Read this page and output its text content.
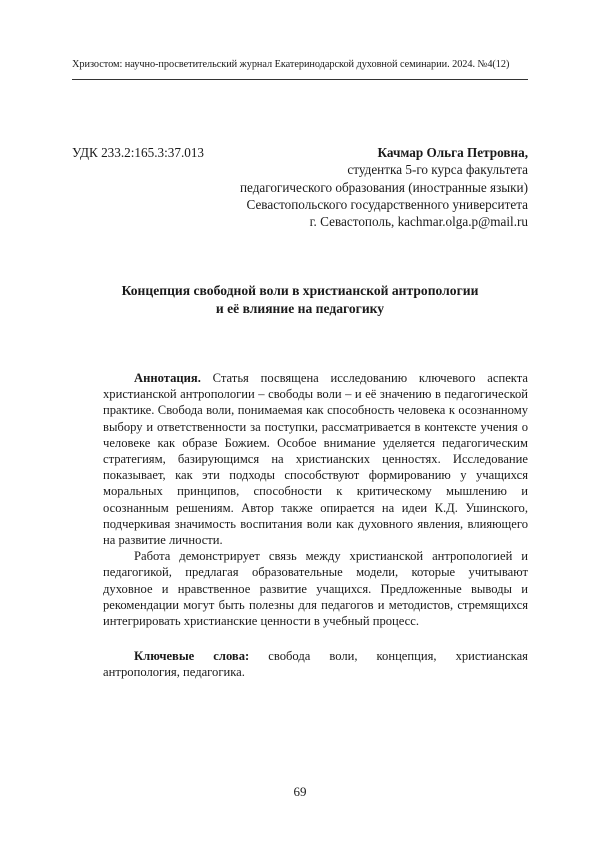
Хризостом: научно-просветительский журнал Екатеринодарской духовной семинарии. 2024. №4(12)
УДК 233.2:165.3:37.013	Качмар Ольга Петровна,
студентка 5-го курса факультета
педагогического образования (иностранные языки)
Севастопольского государственного университета
г. Севастополь, kachmar.olga.p@mail.ru
Концепция свободной воли в христианской антропологии
и её влияние на педагогику

Аннотация. Статья посвящена исследованию ключевого аспекта христианской антропологии – свободы воли – и её значению в педагогической практике. Свобода воли, понимаемая как способность человека к осознанному выбору и ответственности за поступки, рассматривается в контексте учения о человеке как образе Божием. Особое внимание уделяется педагогическим стратегиям, базирующимся на христианских ценностях. Исследование показывает, как эти подходы способствуют формированию у учащихся моральных принципов, способности к критическому мышлению и осознанным решениям. Автор также опирается на идеи К.Д. Ушинского, подчеркивая значимость воспитания воли как духовного явления, влияющего на развитие личности.

Работа демонстрирует связь между христианской антропологией и педагогикой, предлагая образовательные модели, которые учитывают духовное и нравственное развитие учащихся. Предложенные выводы и рекомендации могут быть полезны для педагогов и методистов, стремящихся интегрировать христианские ценности в учебный процесс.

Ключевые слова: свобода воли, концепция, христианская антропология, педагогика.

69
